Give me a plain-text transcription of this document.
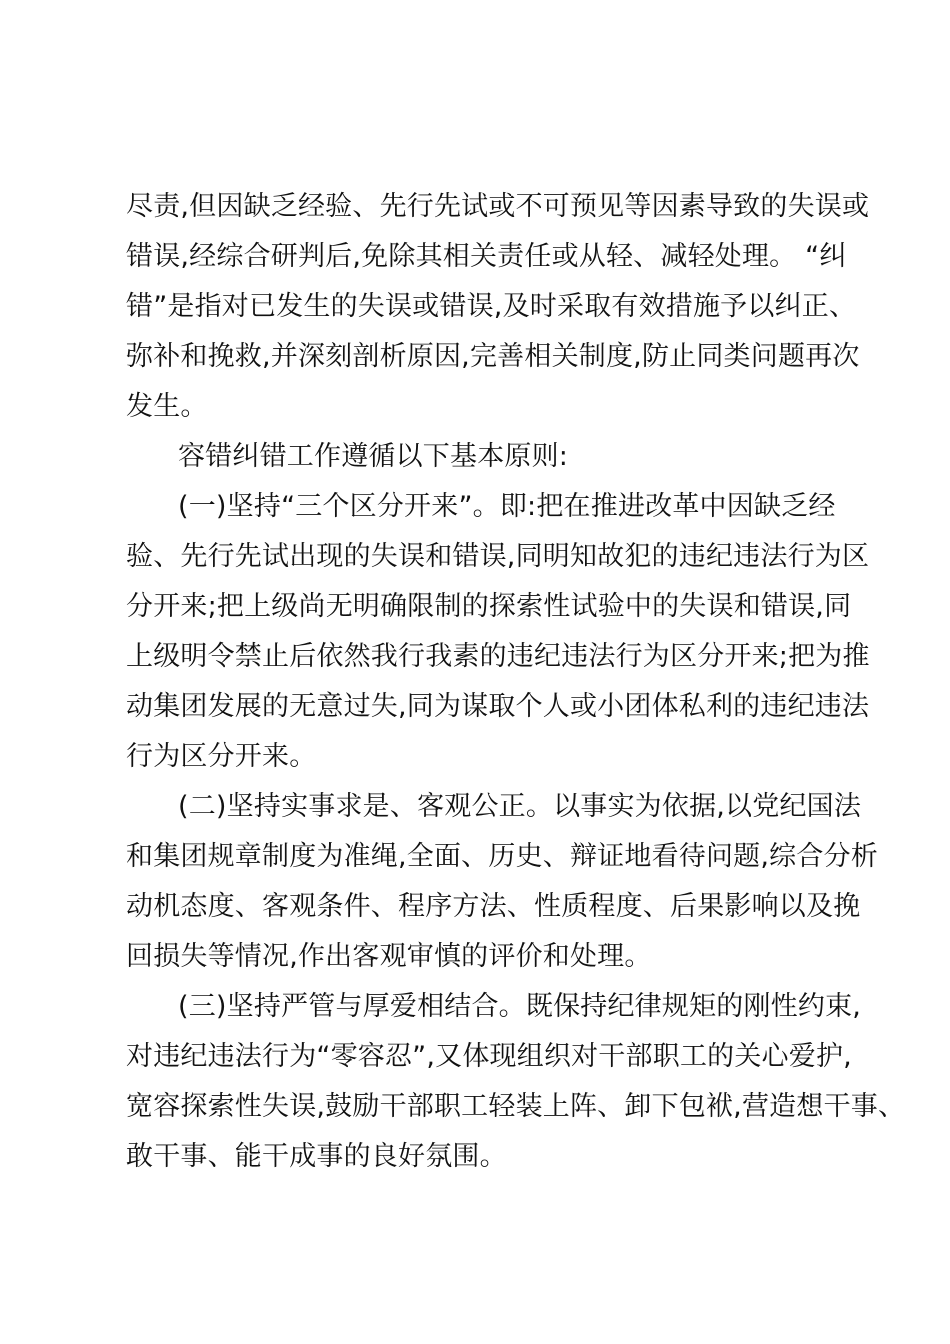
尽责,但因缺乏经验、先行先试或不可预见等因素导致的失误或
错误,经综合研判后,免除其相关责任或从轻、减轻处理。 “纠
错”是指对已发生的失误或错误,及时采取有效措施予以纠正、
弥补和挽救,并深刻剖析原因,完善相关制度,防止同类问题再次
发生。
容错纠错工作遵循以下基本原则:
(一)坚持“三个区分开来”。即:把在推进改革中因缺乏经
验、先行先试出现的失误和错误,同明知故犯的违纪违法行为区
分开来;把上级尚无明确限制的探索性试验中的失误和错误,同
上级明令禁止后依然我行我素的违纪违法行为区分开来;把为推
动集团发展的无意过失,同为谋取个人或小团体私利的违纪违法
行为区分开来。
(二)坚持实事求是、客观公正。以事实为依据,以党纪国法
和集团规章制度为准绳,全面、历史、辩证地看待问题,综合分析
动机态度、客观条件、程序方法、性质程度、后果影响以及挽
回损失等情况,作出客观审慎的评价和处理。
(三)坚持严管与厚爱相结合。既保持纪律规矩的刚性约束,
对违纪违法行为“零容忍”,又体现组织对干部职工的关心爱护,
宽容探索性失误,鼓励干部职工轻装上阵、卸下包袱,营造想干事、
敢干事、能干成事的良好氛围。
